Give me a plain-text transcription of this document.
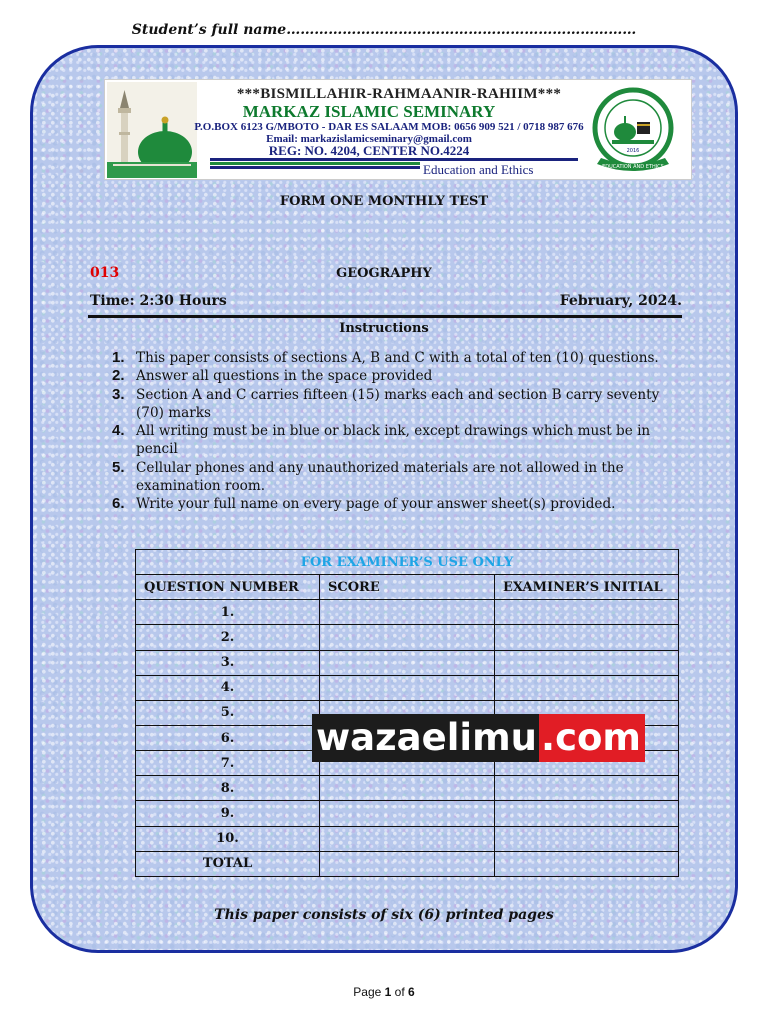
Student’s full name…………………………………………………………………
***BISMILLAHIR-RAHMAANIR-RAHIIM***
MARKAZ ISLAMIC SEMINARY
P.O.BOX 6123 G/MBOTO - DAR ES SALAAM MOB: 0656 909 521 / 0718 987 676
Email: markazislamicseminary@gmail.com
REG: NO. 4204, CENTER NO.4224
Education and Ethics	EDUCATION AND ETHICS
2016
FORM ONE MONTHLY TEST
013	GEOGRAPHY
Time: 2:30 Hours	February, 2024.
Instructions
1. This paper consists of sections A, B and C with a total of ten (10) questions.
2. Answer all questions in the space provided
3. Section A and C carries fifteen (15) marks each and section B carry seventy (70) marks
4. All writing must be in blue or black ink, except drawings which must be in pencil
5. Cellular phones and any unauthorized materials are not allowed in the examination room.
6. Write your full name on every page of your answer sheet(s) provided.
FOR EXAMINER’S USE ONLY		
QUESTION NUMBER	SCORE	EXAMINER’S INITIAL
1.		
2.		
3.		
4.		
5.		
6.		
7.		
8.		
9.		
10.		
TOTAL		
wazaelimu .com
This paper consists of six (6) printed pages
Page 1 of 6
